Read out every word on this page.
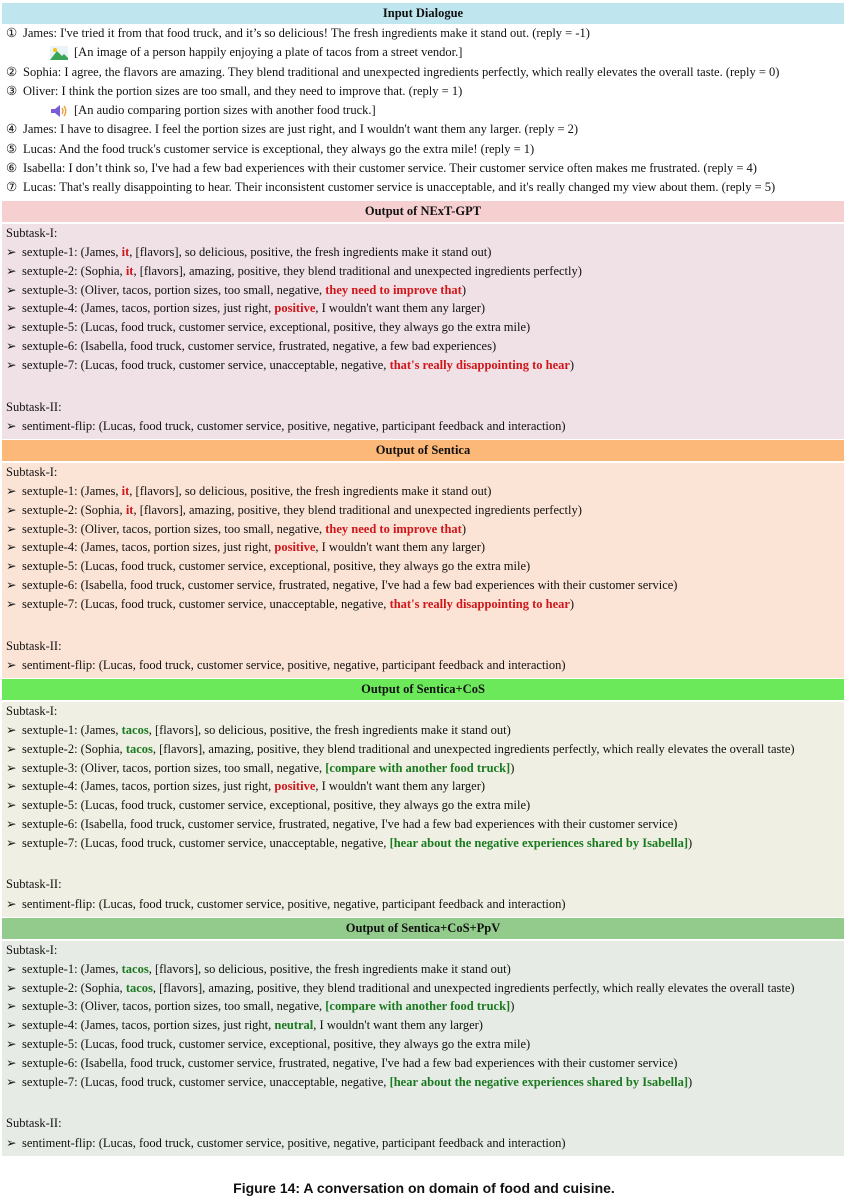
Input Dialogue
① James: I've tried it from that food truck, and it’s so delicious! The fresh ingredients make it stand out. (reply = -1)
[An image of a person happily enjoying a plate of tacos from a street vendor.]
② Sophia: I agree, the flavors are amazing. They blend traditional and unexpected ingredients perfectly, which really elevates the overall taste. (reply = 0)
③ Oliver: I think the portion sizes are too small, and they need to improve that. (reply = 1)
[An audio comparing portion sizes with another food truck.]
④ James: I have to disagree. I feel the portion sizes are just right, and I wouldn't want them any larger. (reply = 2)
⑤ Lucas: And the food truck's customer service is exceptional, they always go the extra mile! (reply = 1)
⑥ Isabella: I don’t think so, I've had a few bad experiences with their customer service. Their customer service often makes me frustrated. (reply = 4)
⑦ Lucas: That's really disappointing to hear. Their inconsistent customer service is unacceptable, and it's really changed my view about them. (reply = 5)
Output of NExT-GPT
Subtask-I:
➢ sextuple-1: (James, it, [flavors], so delicious, positive, the fresh ingredients make it stand out)
➢ sextuple-2: (Sophia, it, [flavors], amazing, positive, they blend traditional and unexpected ingredients perfectly)
➢ sextuple-3: (Oliver, tacos, portion sizes, too small, negative, they need to improve that)
➢ sextuple-4: (James, tacos, portion sizes, just right, positive, I wouldn't want them any larger)
➢ sextuple-5: (Lucas, food truck, customer service, exceptional, positive, they always go the extra mile)
➢ sextuple-6: (Isabella, food truck, customer service, frustrated, negative, a few bad experiences)
➢ sextuple-7: (Lucas, food truck, customer service, unacceptable, negative, that's really disappointing to hear)
Subtask-II:
➢ sentiment-flip: (Lucas, food truck, customer service, positive, negative, participant feedback and interaction)
Output of Sentica
Subtask-I:
➢ sextuple-1: (James, it, [flavors], so delicious, positive, the fresh ingredients make it stand out)
➢ sextuple-2: (Sophia, it, [flavors], amazing, positive, they blend traditional and unexpected ingredients perfectly)
➢ sextuple-3: (Oliver, tacos, portion sizes, too small, negative, they need to improve that)
➢ sextuple-4: (James, tacos, portion sizes, just right, positive, I wouldn't want them any larger)
➢ sextuple-5: (Lucas, food truck, customer service, exceptional, positive, they always go the extra mile)
➢ sextuple-6: (Isabella, food truck, customer service, frustrated, negative, I've had a few bad experiences with their customer service)
➢ sextuple-7: (Lucas, food truck, customer service, unacceptable, negative, that's really disappointing to hear)
Subtask-II:
➢ sentiment-flip: (Lucas, food truck, customer service, positive, negative, participant feedback and interaction)
Output of Sentica+CoS
Subtask-I:
➢ sextuple-1: (James, tacos, [flavors], so delicious, positive, the fresh ingredients make it stand out)
➢ sextuple-2: (Sophia, tacos, [flavors], amazing, positive, they blend traditional and unexpected ingredients perfectly, which really elevates the overall taste)
➢ sextuple-3: (Oliver, tacos, portion sizes, too small, negative, [compare with another food truck])
➢ sextuple-4: (James, tacos, portion sizes, just right, positive, I wouldn't want them any larger)
➢ sextuple-5: (Lucas, food truck, customer service, exceptional, positive, they always go the extra mile)
➢ sextuple-6: (Isabella, food truck, customer service, frustrated, negative, I've had a few bad experiences with their customer service)
➢ sextuple-7: (Lucas, food truck, customer service, unacceptable, negative, [hear about the negative experiences shared by Isabella])
Subtask-II:
➢ sentiment-flip: (Lucas, food truck, customer service, positive, negative, participant feedback and interaction)
Output of Sentica+CoS+PpV
Subtask-I:
➢ sextuple-1: (James, tacos, [flavors], so delicious, positive, the fresh ingredients make it stand out)
➢ sextuple-2: (Sophia, tacos, [flavors], amazing, positive, they blend traditional and unexpected ingredients perfectly, which really elevates the overall taste)
➢ sextuple-3: (Oliver, tacos, portion sizes, too small, negative, [compare with another food truck])
➢ sextuple-4: (James, tacos, portion sizes, just right, neutral, I wouldn't want them any larger)
➢ sextuple-5: (Lucas, food truck, customer service, exceptional, positive, they always go the extra mile)
➢ sextuple-6: (Isabella, food truck, customer service, frustrated, negative, I've had a few bad experiences with their customer service)
➢ sextuple-7: (Lucas, food truck, customer service, unacceptable, negative, [hear about the negative experiences shared by Isabella])
Subtask-II:
➢ sentiment-flip: (Lucas, food truck, customer service, positive, negative, participant feedback and interaction)
Figure 14: A conversation on domain of food and cuisine.
